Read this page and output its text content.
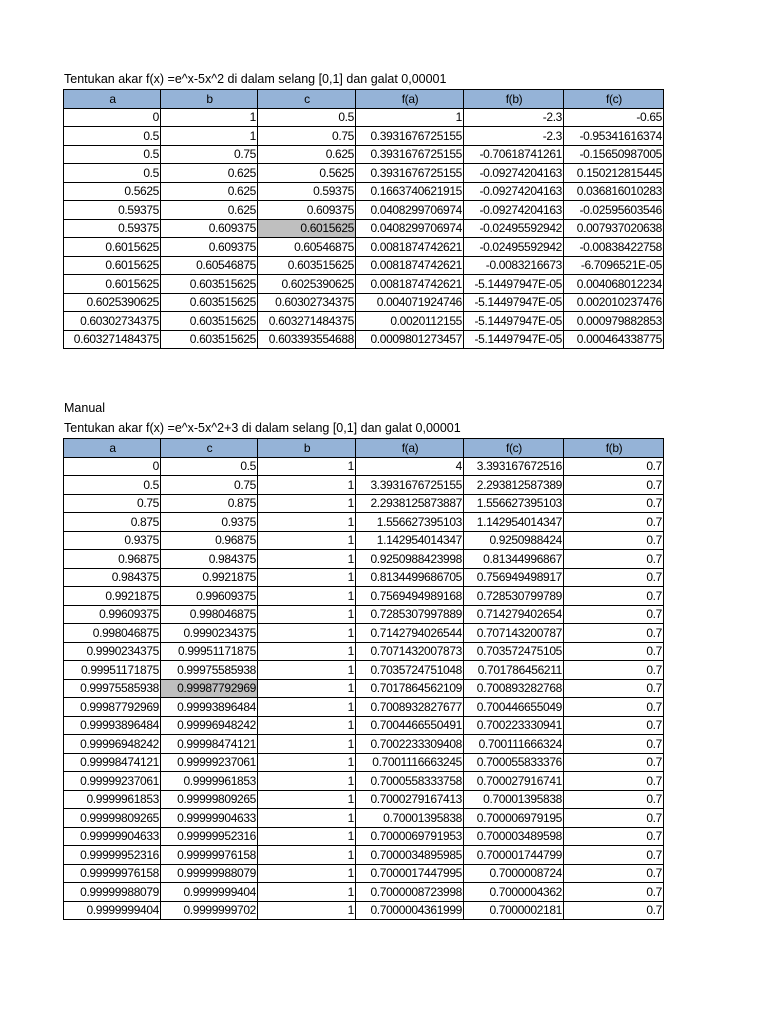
Tentukan akar f(x) =e^x-5x^2 di dalam selang [0,1] dan galat 0,00001
a	b	c	f(a)	f(b)	f(c)
0	1	0.5	1	-2.3	-0.65
0.5	1	0.75	0.3931676725155	-2.3	-0.95341616374
0.5	0.75	0.625	0.3931676725155	-0.70618741261	-0.15650987005
0.5	0.625	0.5625	0.3931676725155	-0.09274204163	0.150212815445
0.5625	0.625	0.59375	0.1663740621915	-0.09274204163	0.036816010283
0.59375	0.625	0.609375	0.0408299706974	-0.09274204163	-0.02595603546
0.59375	0.609375	0.6015625	0.0408299706974	-0.02495592942	0.007937020638
0.6015625	0.609375	0.60546875	0.0081874742621	-0.02495592942	-0.00838422758
0.6015625	0.60546875	0.603515625	0.0081874742621	-0.0083216673	-6.7096521E-05
0.6015625	0.603515625	0.6025390625	0.0081874742621	-5.14497947E-05	0.004068012234
0.6025390625	0.603515625	0.60302734375	0.004071924746	-5.14497947E-05	0.002010237476
0.60302734375	0.603515625	0.603271484375	0.0020112155	-5.14497947E-05	0.000979882853
0.603271484375	0.603515625	0.603393554688	0.0009801273457	-5.14497947E-05	0.000464338775
Manual
Tentukan akar f(x) =e^x-5x^2+3 di dalam selang [0,1] dan galat 0,00001
a	c	b	f(a)	f(c)	f(b)
0	0.5	1	4	3.393167672516	0.7
0.5	0.75	1	3.3931676725155	2.293812587389	0.7
0.75	0.875	1	2.2938125873887	1.556627395103	0.7
0.875	0.9375	1	1.556627395103	1.142954014347	0.7
0.9375	0.96875	1	1.142954014347	0.9250988424	0.7
0.96875	0.984375	1	0.9250988423998	0.81344996867	0.7
0.984375	0.9921875	1	0.8134499686705	0.756949498917	0.7
0.9921875	0.99609375	1	0.7569494989168	0.728530799789	0.7
0.99609375	0.998046875	1	0.7285307997889	0.714279402654	0.7
0.998046875	0.9990234375	1	0.7142794026544	0.707143200787	0.7
0.9990234375	0.99951171875	1	0.7071432007873	0.703572475105	0.7
0.99951171875	0.99975585938	1	0.7035724751048	0.701786456211	0.7
0.99975585938	0.99987792969	1	0.7017864562109	0.700893282768	0.7
0.99987792969	0.99993896484	1	0.7008932827677	0.700446655049	0.7
0.99993896484	0.99996948242	1	0.7004466550491	0.700223330941	0.7
0.99996948242	0.99998474121	1	0.7002233309408	0.700111666324	0.7
0.99998474121	0.99999237061	1	0.7001116663245	0.700055833376	0.7
0.99999237061	0.9999961853	1	0.7000558333758	0.700027916741	0.7
0.9999961853	0.99999809265	1	0.7000279167413	0.70001395838	0.7
0.99999809265	0.99999904633	1	0.70001395838	0.700006979195	0.7
0.99999904633	0.99999952316	1	0.7000069791953	0.700003489598	0.7
0.99999952316	0.99999976158	1	0.7000034895985	0.700001744799	0.7
0.99999976158	0.99999988079	1	0.7000017447995	0.7000008724	0.7
0.99999988079	0.9999999404	1	0.7000008723998	0.7000004362	0.7
0.9999999404	0.9999999702	1	0.7000004361999	0.7000002181	0.7
